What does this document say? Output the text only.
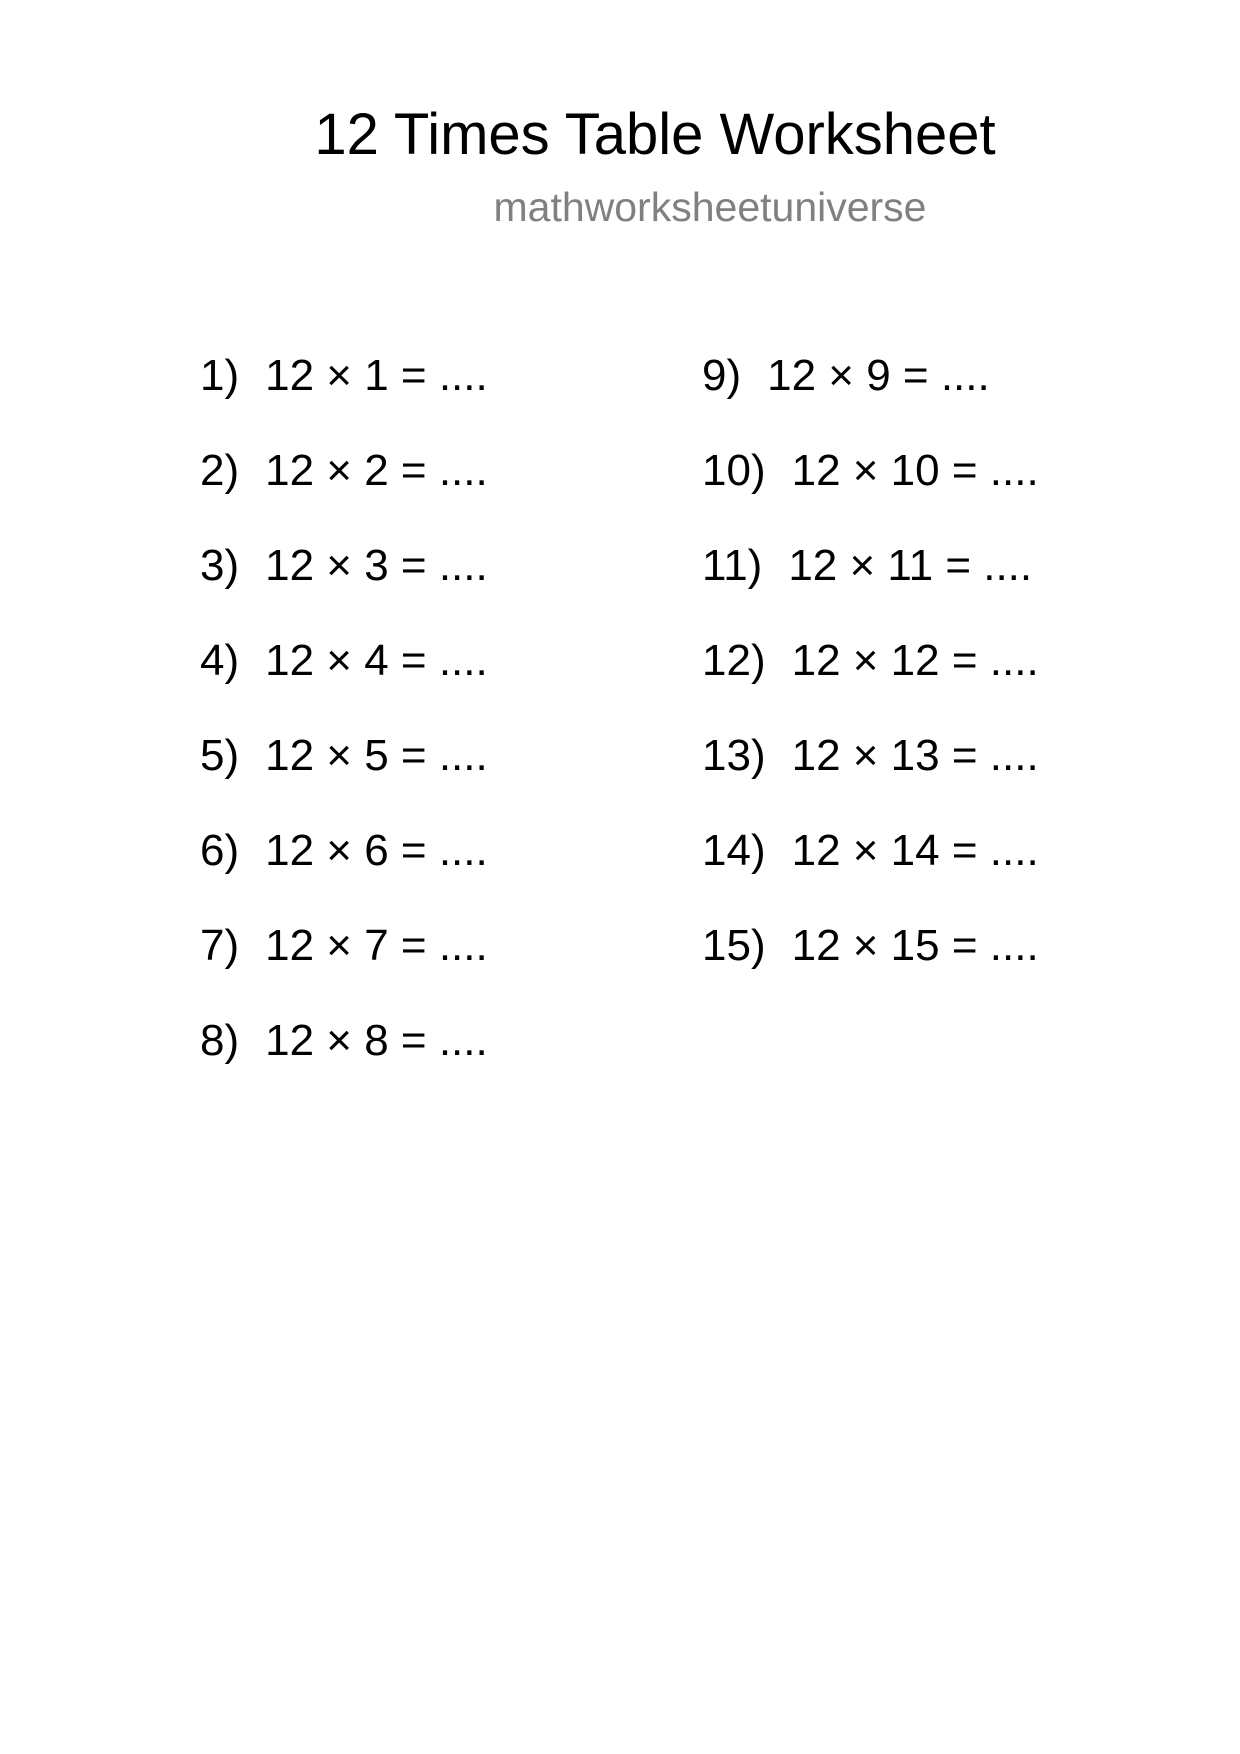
12 Times Table Worksheet
mathworksheetuniverse
1) 12 × 1 = ....
2) 12 × 2 = ....
3) 12 × 3 = ....
4) 12 × 4 = ....
5) 12 × 5 = ....
6) 12 × 6 = ....
7) 12 × 7 = ....
8) 12 × 8 = ....
9) 12 × 9 = ....
10) 12 × 10 = ....
11) 12 × 11 = ....
12) 12 × 12 = ....
13) 12 × 13 = ....
14) 12 × 14 = ....
15) 12 × 15 = ....
